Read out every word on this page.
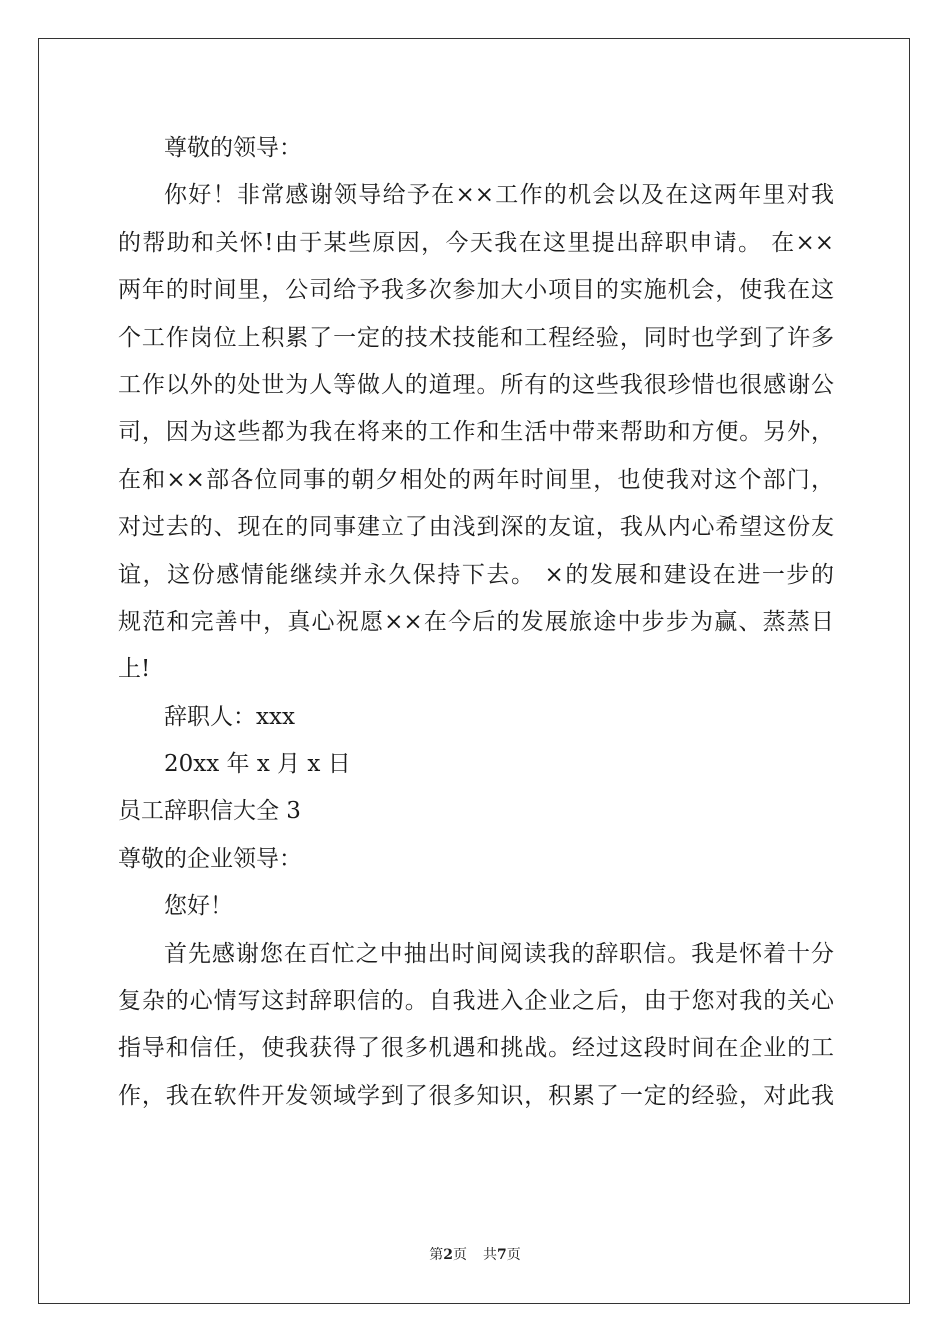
尊敬的领导：
你好！非常感谢领导给予在××工作的机会以及在这两年里对我
的帮助和关怀!由于某些原因，今天我在这里提出辞职申请。 在××
两年的时间里，公司给予我多次参加大小项目的实施机会，使我在这
个工作岗位上积累了一定的技术技能和工程经验，同时也学到了许多
工作以外的处世为人等做人的道理。所有的这些我很珍惜也很感谢公
司，因为这些都为我在将来的工作和生活中带来帮助和方便。另外，
在和××部各位同事的朝夕相处的两年时间里，也使我对这个部门，
对过去的、现在的同事建立了由浅到深的友谊，我从内心希望这份友
谊，这份感情能继续并永久保持下去。 ×的发展和建设在进一步的
规范和完善中，真心祝愿××在今后的发展旅途中步步为赢、蒸蒸日
上!
辞职人：xxx
20xx 年 x 月 x 日
员工辞职信大全 3
尊敬的企业领导：
您好！
首先感谢您在百忙之中抽出时间阅读我的辞职信。我是怀着十分
复杂的心情写这封辞职信的。自我进入企业之后，由于您对我的关心
指导和信任，使我获得了很多机遇和挑战。经过这段时间在企业的工
作，我在软件开发领域学到了很多知识，积累了一定的经验，对此我
第2页 共7页
